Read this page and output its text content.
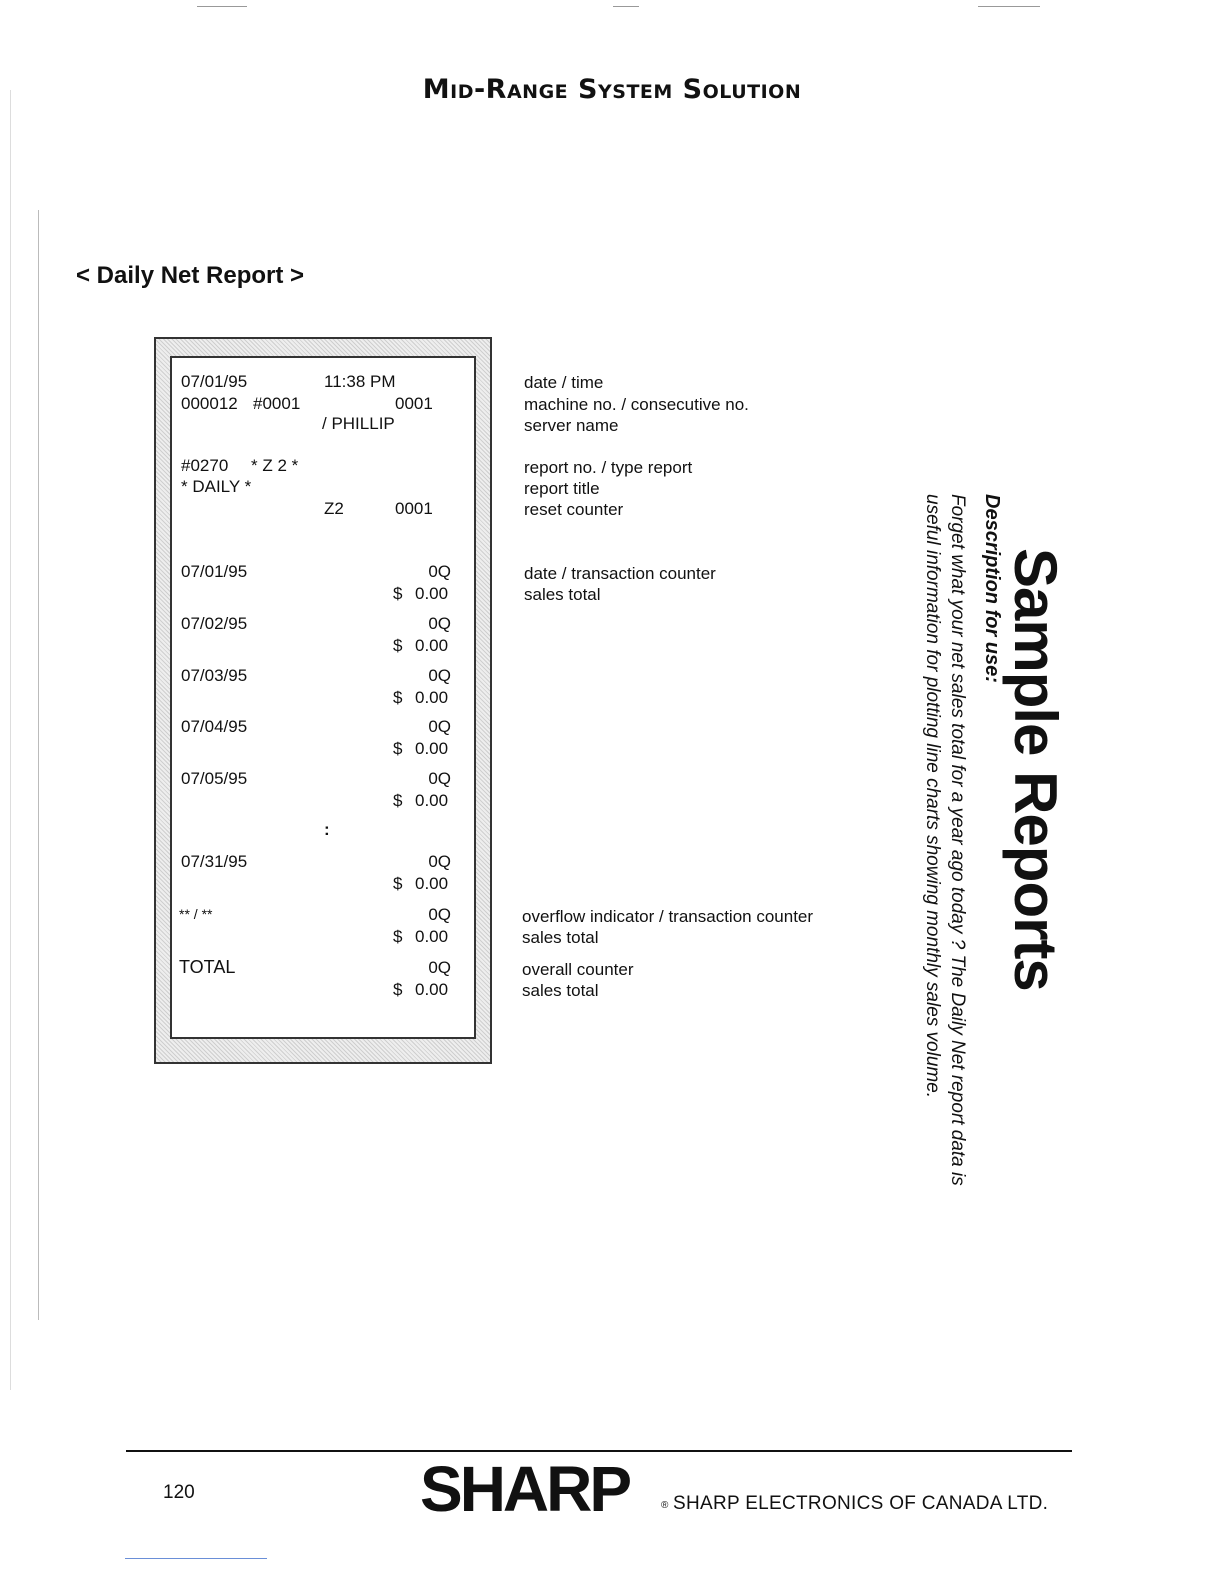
Mid-Range System Solution
< Daily Net Report >
07/01/95	11:38 PM
000012 #0001	0001
/ PHILLIP
#0270 * Z 2 *
* DAILY *
Z2	0001
07/01/95	0Q
$ 0.00
07/02/95	0Q
$ 0.00
07/03/95	0Q
$ 0.00
07/04/95	0Q
$ 0.00
07/05/95	0Q
$ 0.00
:
07/31/95	0Q
$ 0.00
** / **	0Q
$ 0.00
TOTAL	0Q
$ 0.00
date / time
machine no. / consecutive no.
server name
report no. / type report
report title
reset counter
date / transaction counter
sales total
overflow indicator / transaction counter
sales total
overall counter
sales total	Sample Reports
Description for use:
Forget what your net sales total for a year ago today ? The Daily Net report data is
useful information for plotting line charts showing monthly sales volume.
120	SHARP	® SHARP ELECTRONICS OF CANADA LTD.
